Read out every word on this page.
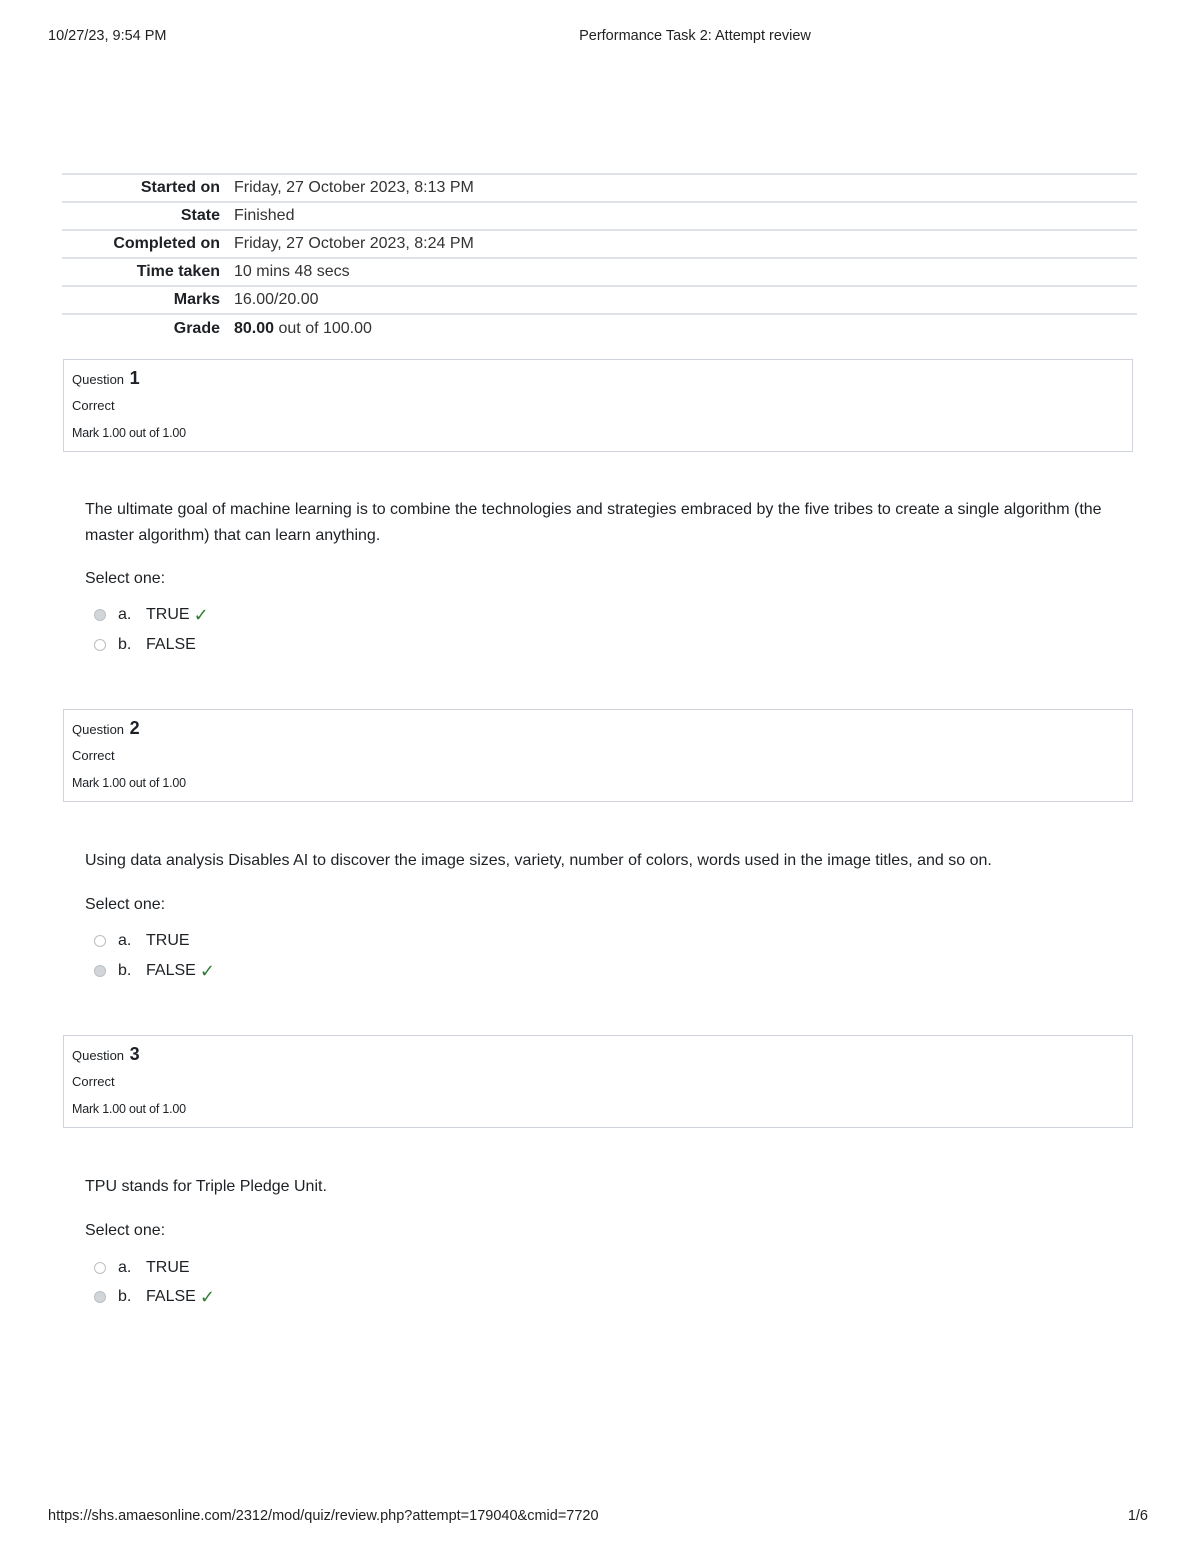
10/27/23, 9:54 PM	Performance Task 2: Attempt review
Started on	Friday, 27 October 2023, 8:13 PM
State	Finished
Completed on	Friday, 27 October 2023, 8:24 PM
Time taken	10 mins 48 secs
Marks	16.00/20.00
Grade	80.00 out of 100.00
Question 1
Correct
Mark 1.00 out of 1.00
The ultimate goal of machine learning is to combine the technologies and strategies embraced by the five tribes to create a single algorithm (the master algorithm) that can learn anything.
Select one:
a. TRUE ✓
b. FALSE
Question 2
Correct
Mark 1.00 out of 1.00
Using data analysis Disables AI to discover the image sizes, variety, number of colors, words used in the image titles, and so on.
Select one:
a. TRUE
b. FALSE ✓
Question 3
Correct
Mark 1.00 out of 1.00
TPU stands for Triple Pledge Unit.
Select one:
a. TRUE
b. FALSE ✓
https://shs.amaesonline.com/2312/mod/quiz/review.php?attempt=179040&cmid=7720	1/6
